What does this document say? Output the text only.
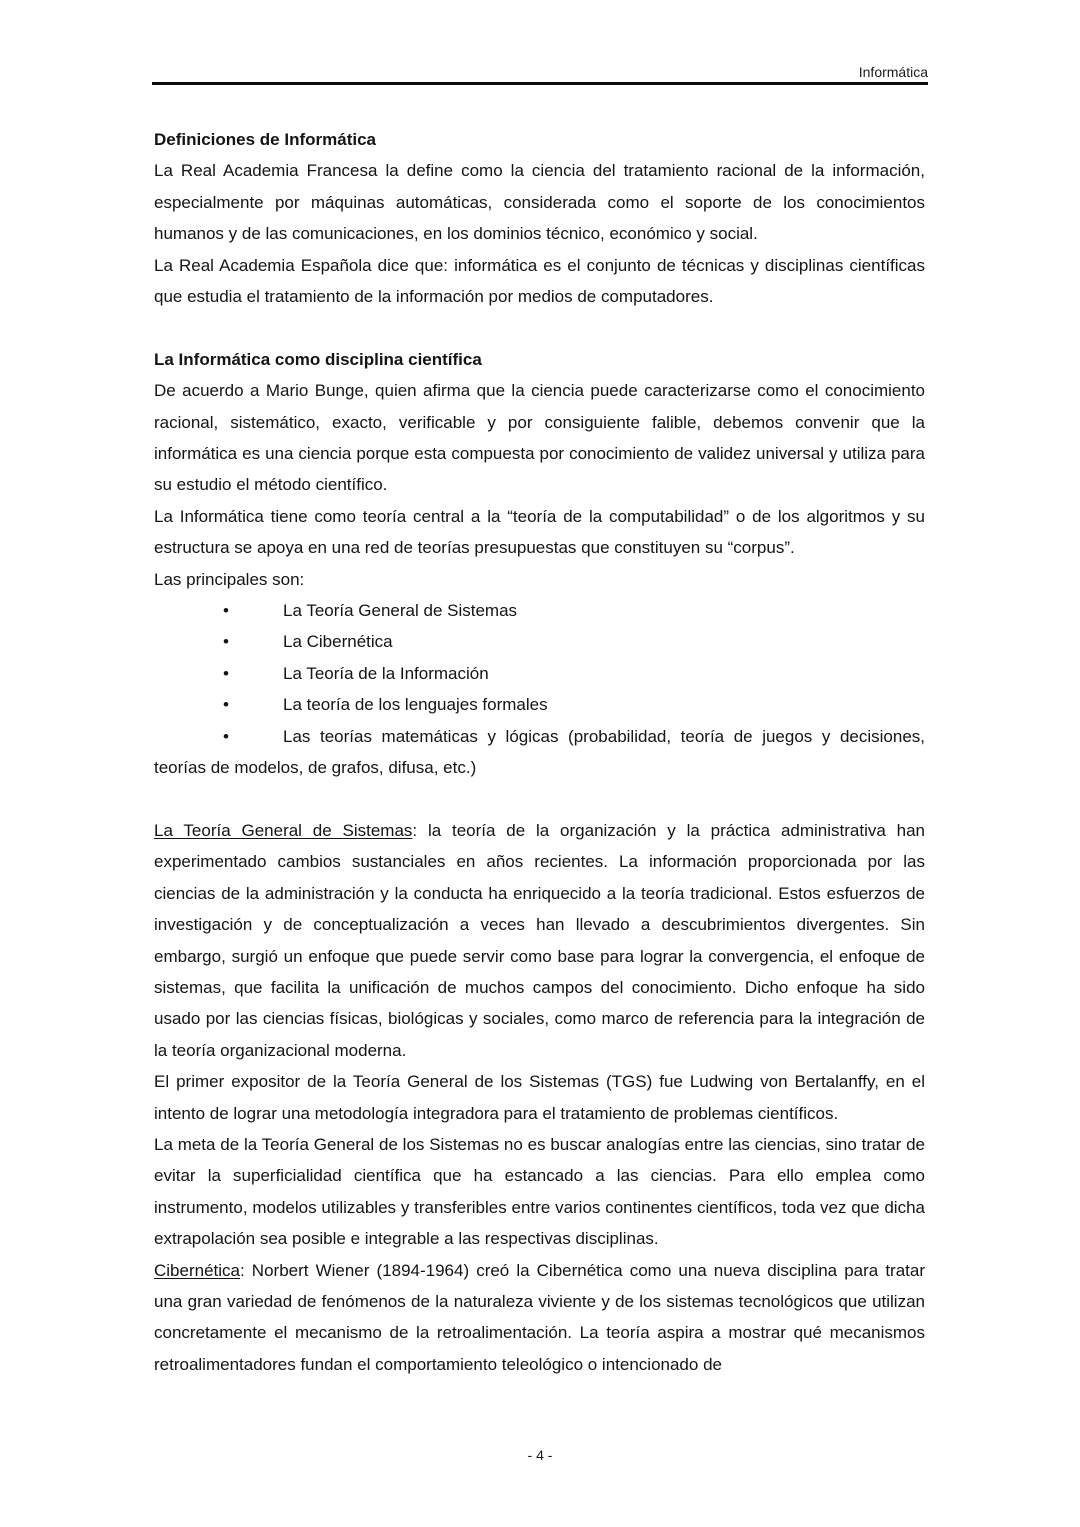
Informática
Definiciones de Informática

La Real Academia Francesa la define como la ciencia del tratamiento racional de la información, especialmente por máquinas automáticas, considerada como el soporte de los conocimientos humanos y de las comunicaciones, en los dominios técnico, económico y social.

La Real Academia Española dice que: informática es el conjunto de técnicas y disciplinas científicas que estudia el tratamiento de la información por medios de computadores.

La Informática como disciplina científica

De acuerdo a Mario Bunge, quien afirma que la ciencia puede caracterizarse como el conocimiento racional, sistemático, exacto, verificable y por consiguiente falible, debemos convenir que la informática es una ciencia porque esta compuesta por conocimiento de validez universal y utiliza para su estudio el método científico.

La Informática tiene como teoría central a la “teoría de la computabilidad” o de los algoritmos y su estructura se apoya en una red de teorías presupuestas que constituyen su “corpus”.

Las principales son:

•	La Teoría General de Sistemas
•	La Cibernética
•	La Teoría de la Información
•	La teoría de los lenguajes formales
•	Las teorías matemáticas y lógicas (probabilidad, teoría de juegos y decisiones, teorías de modelos, de grafos, difusa, etc.)

La Teoría General de Sistemas: la teoría de la organización y la práctica administrativa han experimentado cambios sustanciales en años recientes. La información proporcionada por las ciencias de la administración y la conducta ha enriquecido a la teoría tradicional. Estos esfuerzos de investigación y de conceptualización a veces han llevado a descubrimientos divergentes. Sin embargo, surgió un enfoque que puede servir como base para lograr la convergencia, el enfoque de sistemas, que facilita la unificación de muchos campos del conocimiento. Dicho enfoque ha sido usado por las ciencias físicas, biológicas y sociales, como marco de referencia para la integración de la teoría organizacional moderna.

El primer expositor de la Teoría General de los Sistemas (TGS) fue Ludwing von Bertalanffy, en el intento de lograr una metodología integradora para el tratamiento de problemas científicos.

La meta de la Teoría General de los Sistemas no es buscar analogías entre las ciencias, sino tratar de evitar la superficialidad científica que ha estancado a las ciencias. Para ello emplea como instrumento, modelos utilizables y transferibles entre varios continentes científicos, toda vez que dicha extrapolación sea posible e integrable a las respectivas disciplinas.

Cibernética: Norbert Wiener (1894-1964) creó la Cibernética como una nueva disciplina para tratar una gran variedad de fenómenos de la naturaleza viviente y de los sistemas tecnológicos que utilizan concretamente el mecanismo de la retroalimentación. La teoría aspira a mostrar qué mecanismos retroalimentadores fundan el comportamiento teleológico o intencionado de

- 4 -
